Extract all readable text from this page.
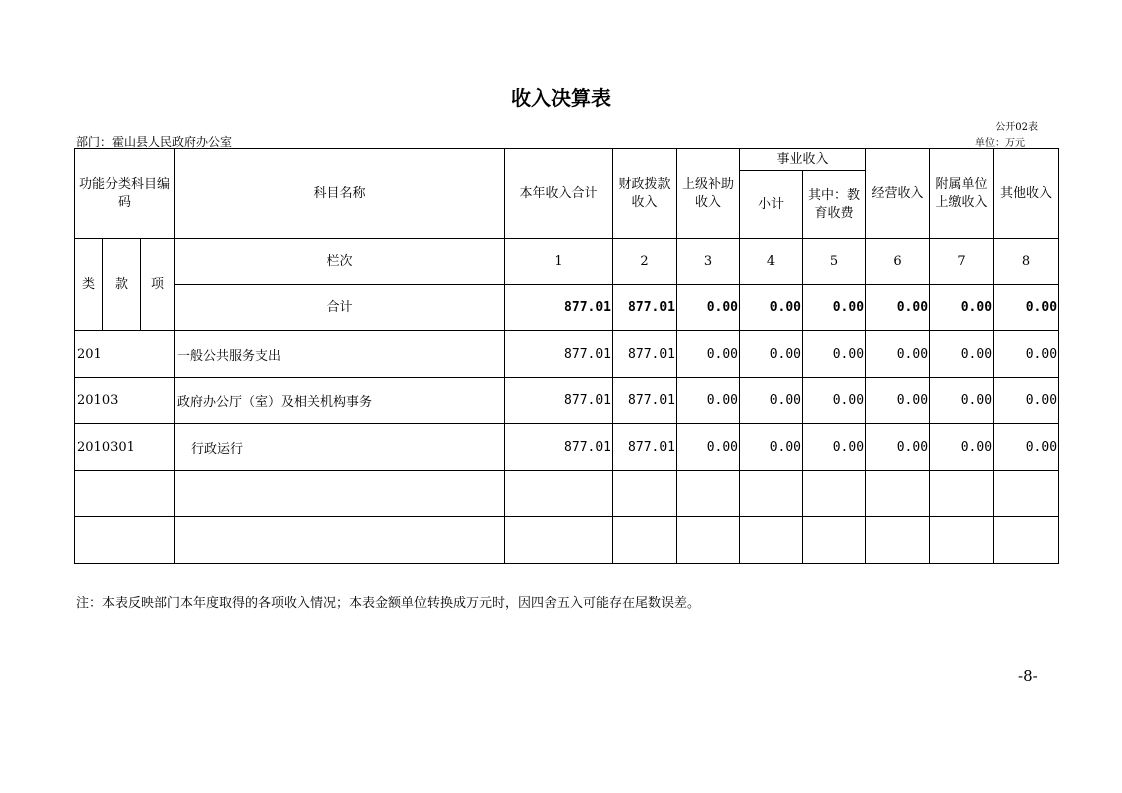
收入决算表
公开02表
部门：霍山县人民政府办公室	单位：万元
功能分类科目编码			科目名称	本年收入合计	财政拨款收入	上级补助收入	事业收入		经营收入	附属单位上缴收入	其他收入
							小计	其中：教育收费			
类	款	项	栏次	1	2	3	4	5	6	7	8
			合计	877.01	877.01	0.00	0.00	0.00	0.00	0.00	0.00
201			一般公共服务支出	877.01	877.01	0.00	0.00	0.00	0.00	0.00	0.00
20103			政府办公厅（室）及相关机构事务	877.01	877.01	0.00	0.00	0.00	0.00	0.00	0.00
2010301			行政运行	877.01	877.01	0.00	0.00	0.00	0.00	0.00	0.00

注：本表反映部门本年度取得的各项收入情况；本表金额单位转换成万元时，因四舍五入可能存在尾数误差。
-8-
